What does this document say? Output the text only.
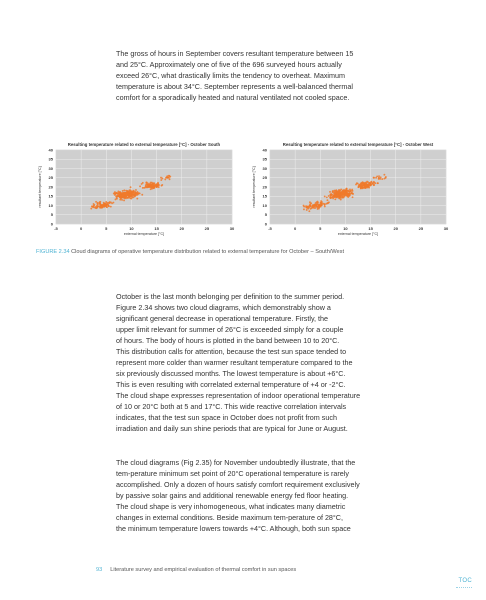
The gross of hours in September covers resultant temperature between 15
and 25°C. Approximately one of five of the 696 surveyed hours actually
exceed 26°C, what drastically limits the tendency to overheat. Maximum
temperature is about 34°C. September represents a well-balanced thermal
comfort for a sporadically heated and natural ventilated not cooled space.
Resulting temperature related to external temperature [°C] - October South
0
5
10
15
20
25
30
35
40
-5	0	5	10	15	20	25	30
external temperature [°C]
resultant temperature [°C]
Resulting temperature related to external temperature [°C] - October West
0
5
10
15
20
25
30
35
40
-5	0	5	10	15	20	25	30
external temperature [°C]
resultant temperature [°C]
FIGURE 2.34 Cloud diagrams of operative temperature distribution related to external temperature for October – South/West
October is the last month belonging per definition to the summer period.
Figure 2.34 shows two cloud diagrams, which demonstrably show a
significant general decrease in operational temperature. Firstly, the
upper limit relevant for summer of 26°C is exceeded simply for a couple
of hours. The body of hours is plotted in the band between 10 to 20°C.
This distribution calls for attention, because the test sun space tended to
represent more colder than warmer resultant temperature compared to the
six previously discussed months. The lowest temperature is about +6°C.
This is even resulting with correlated external temperature of +4 or -2°C.
The cloud shape expresses representation of indoor operational temperature
of 10 or 20°C both at 5 and 17°C. This wide reactive correlation intervals
indicates, that the test sun space in October does not profit from such
irradiation and daily sun shine periods that are typical for June or August.
The cloud diagrams (Fig 2.35) for November undoubtedly illustrate, that the
tem-perature minimum set point of 20°C operational temperature is rarely
accomplished. Only a dozen of hours satisfy comfort requirement exclusively
by passive solar gains and additional renewable energy fed floor heating.
The cloud shape is very inhomogeneous, what indicates many diametric
changes in external conditions. Beside maximum tem-perature of 28°C,
the minimum temperature lowers towards +4°C. Although, both sun space
93 Literature survey and empirical evaluation of thermal comfort in sun spaces
TOC
